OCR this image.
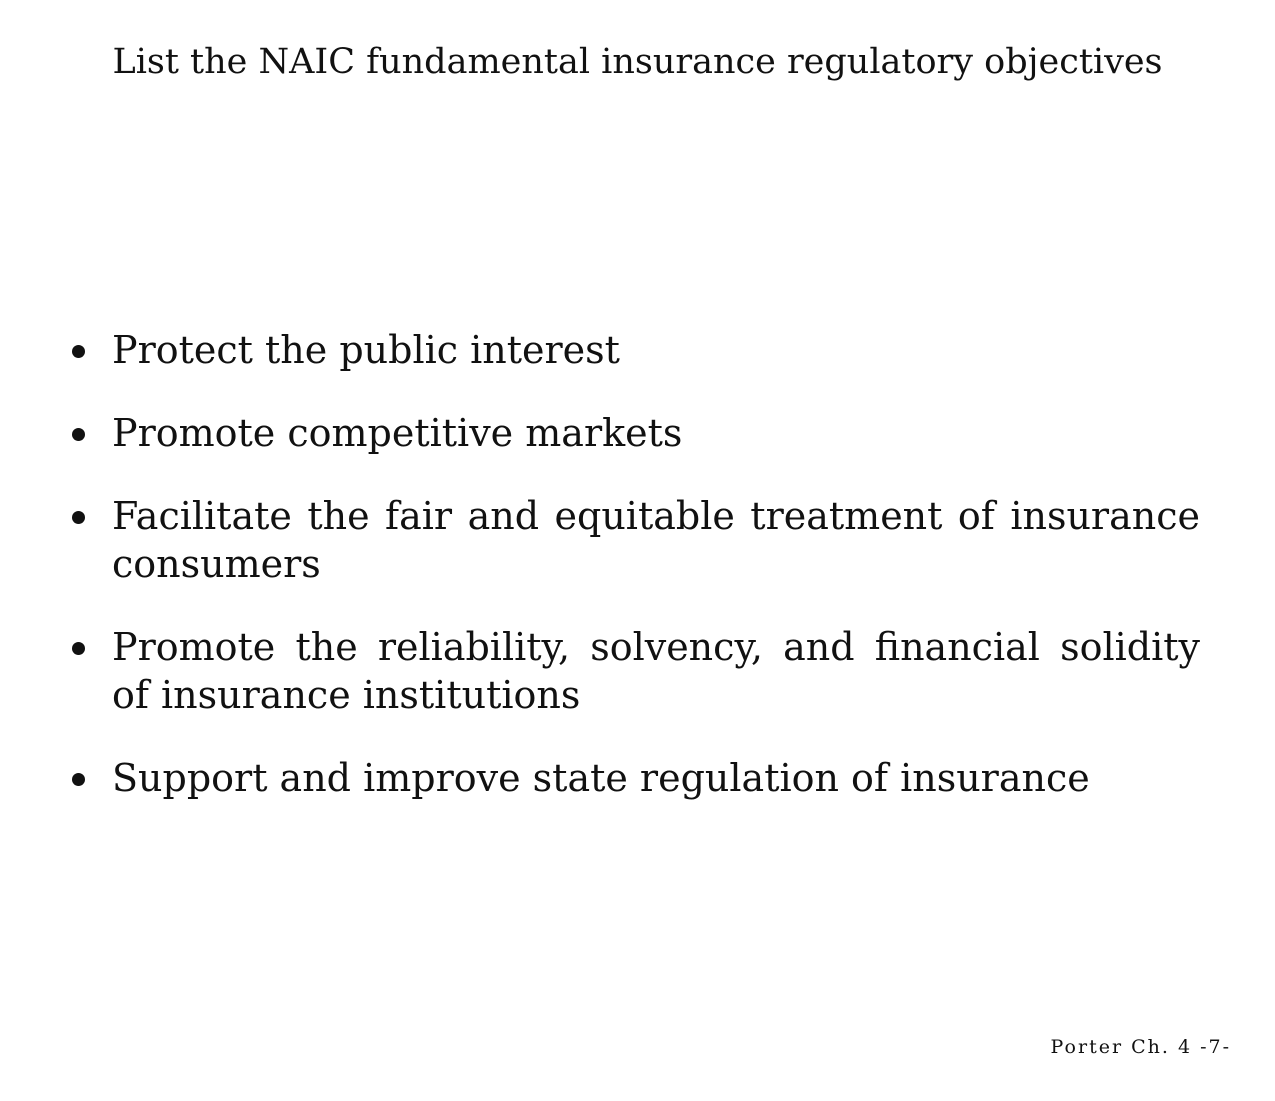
List the NAIC fundamental insurance regulatory objectives
Protect the public interest
Promote competitive markets
Facilitate the fair and equitable treatment of insurance consumers
Promote the reliability, solvency, and financial solidity of insurance institutions
Support and improve state regulation of insurance
Porter Ch. 4 -7-
